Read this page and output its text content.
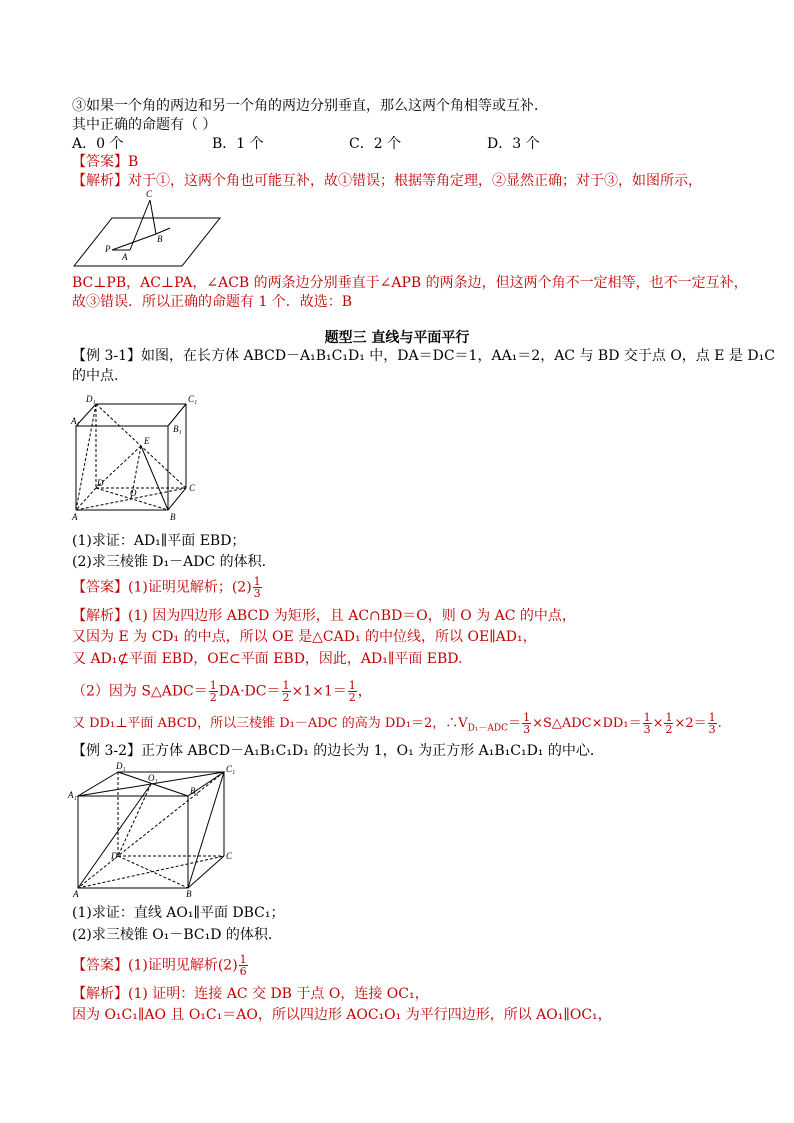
③如果一个角的两边和另一个角的两边分别垂直，那么这两个角相等或互补．
其中正确的命题有（ ）
A．0 个	B．1 个	C．2 个	D．3 个
【答案】B
【解析】对于①，这两个角也可能互补，故①错误；根据等角定理，②显然正确；对于③，如图所示，
C
B
P
A
BC⊥PB，AC⊥PA，∠ACB 的两条边分别垂直于∠APB 的两条边，但这两个角不一定相等，也不一定互补，
故③错误．所以正确的命题有 1 个．故选：B
题型三 直线与平面平行
【例 3-1】如图，在长方体 ABCD－A₁B₁C₁D₁ 中，DA＝DC＝1，AA₁＝2，AC 与 BD 交于点 O，点 E 是 D₁C
的中点.
D₁	C₁
A₁
B₁
E
D	C
O
A	B
(1)求证：AD₁∥平面 EBD；
(2)求三棱锥 D₁－ADC 的体积.
【答案】(1)证明见解析；$(2) \frac{1}{3}$
【解析】(1) 因为四边形 ABCD 为矩形，且 AC∩BD＝O，则 O 为 AC 的中点，
又因为 E 为 CD₁ 的中点，所以 OE 是△CAD₁ 的中位线，所以 OE∥AD₁，
又 AD₁⊄平面 EBD，OE⊂平面 EBD，因此，AD₁∥平面 EBD.
（2）因为 S△ADC＝ $\frac{1}{2} DA\cdot DC= \frac{1}{2} \times 1\times 1= \frac{1}{2}$ ，
又 DD₁⊥平面 ABCD，所以三棱锥 D₁－ADC 的高为 DD₁＝2，$\therefore V_{D_1-ADC}= \frac{1}{3}$ ×S△ADC×DD₁＝ $\frac{1}{3} \times \frac{1}{2} \times 2= \frac{1}{3}$ .
【例 3-2】正方体 ABCD－A₁B₁C₁D₁ 的边长为 1，O₁ 为正方形 A₁B₁C₁D₁ 的中心．
D₁
O₁
C₁
A₁	B₁
D	C
A	B
(1)求证：直线 AO₁∥平面 DBC₁；
(2)求三棱锥 O₁－BC₁D 的体积．
【答案】(1)证明见解析$(2) \frac{1}{6}$
【解析】(1) 证明：连接 AC 交 DB 于点 O，连接 OC₁，
因为 O₁C₁∥AO 且 O₁C₁＝AO，所以四边形 AOC₁O₁ 为平行四边形，所以 AO₁∥OC₁，
